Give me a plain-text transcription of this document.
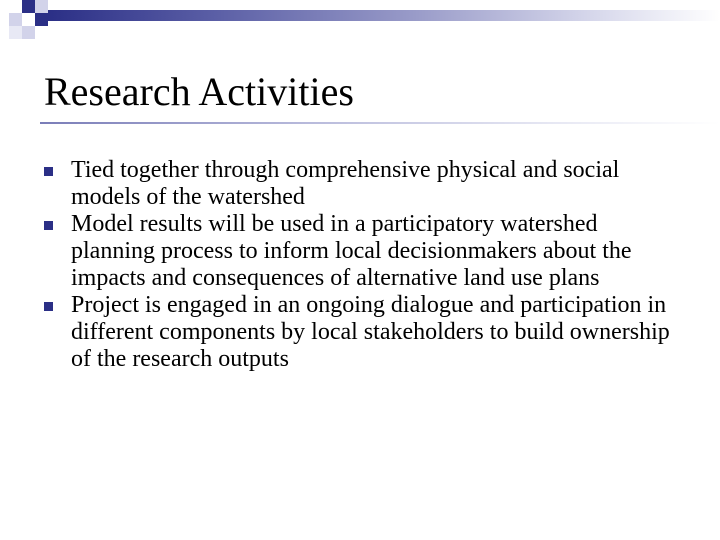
Research Activities
Tied together through comprehensive physical and social models of the watershed
Model results will be used in a participatory watershed planning process to inform local decisionmakers about the impacts and consequences of alternative land use plans
Project is engaged in an ongoing dialogue and participation in different components by local stakeholders to build ownership of the research outputs
